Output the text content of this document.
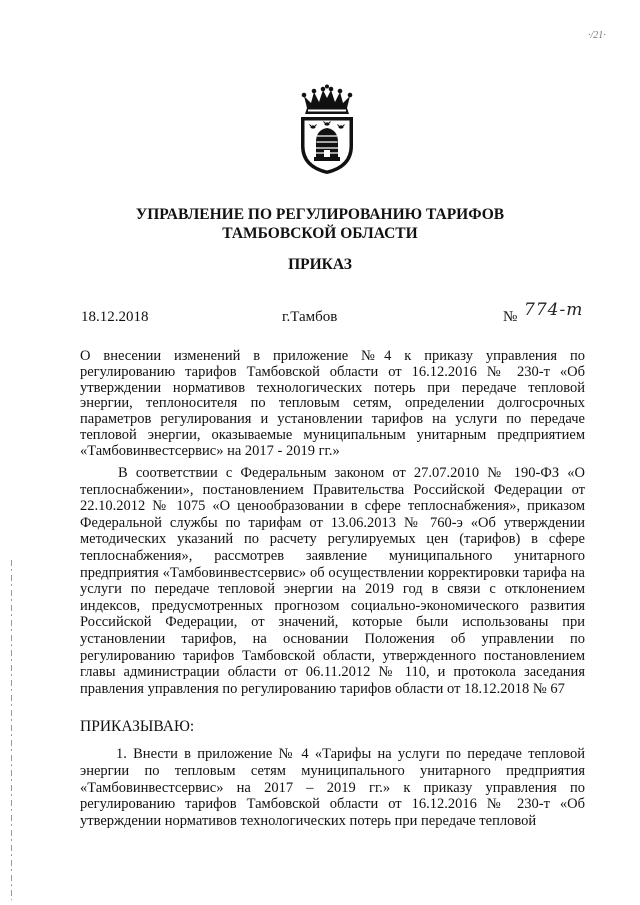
·/21·
УПРАВЛЕНИЕ ПО РЕГУЛИРОВАНИЮ ТАРИФОВ
ТАМБОВСКОЙ ОБЛАСТИ
ПРИКАЗ
18.12.2018	г.Тамбов	№ 774-т
О внесении изменений в приложение №4 к приказу управления по регулированию тарифов Тамбовской области от 16.12.2016 № 230-т «Об утверждении нормативов технологических потерь при передаче тепловой энергии, теплоносителя по тепловым сетям, определении долгосрочных параметров регулирования и установлении тарифов на услуги по передаче тепловой энергии, оказываемые муниципальным унитарным предприятием «Тамбовинвестсервис» на 2017 - 2019 гг.»
В соответствии с Федеральным законом от 27.07.2010 № 190-ФЗ «О теплоснабжении», постановлением Правительства Российской Федерации от 22.10.2012 № 1075 «О ценообразовании в сфере теплоснабжения», приказом Федеральной службы по тарифам от 13.06.2013 № 760-э «Об утверждении методических указаний по расчету регулируемых цен (тарифов) в сфере теплоснабжения», рассмотрев заявление муниципального унитарного предприятия «Тамбовинвестсервис» об осуществлении корректировки тарифа на услуги по передаче тепловой энергии на 2019 год в связи с отклонением индексов, предусмотренных прогнозом социально-экономического развития Российской Федерации, от значений, которые были использованы при установлении тарифов, на основании Положения об управлении по регулированию тарифов Тамбовской области, утвержденного постановлением главы администрации области от 06.11.2012 № 110, и протокола заседания правления управления по регулированию тарифов области от 18.12.2018 № 67
ПРИКАЗЫВАЮ:
1. Внести в приложение № 4 «Тарифы на услуги по передаче тепловой энергии по тепловым сетям муниципального унитарного предприятия «Тамбовинвестсервис» на 2017 – 2019 гг.» к приказу управления по регулированию тарифов Тамбовской области от 16.12.2016 № 230-т «Об утверждении нормативов технологических потерь при передаче тепловой
